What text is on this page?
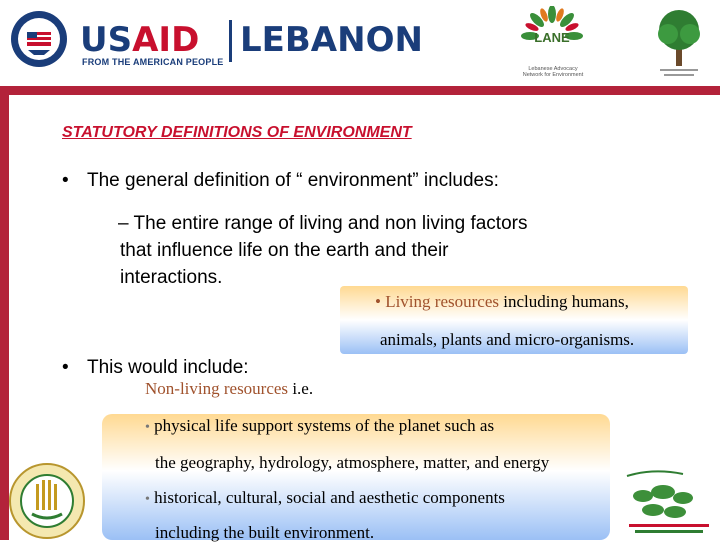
USAID LEBANON
FROM THE AMERICAN PEOPLE
LANE
Lebanese Advocacy
Network for Environment
STATUTORY DEFINITIONS OF ENVIRONMENT
• The general definition of “ environment” includes:
– The entire range of living and non living factors
that influence life on the earth and their
interactions.
• Living resources including humans,
animals, plants and micro-organisms.
• This would include:
Non-living resources i.e.
• physical life support systems of the planet such as
the geography, hydrology, atmosphere, matter, and energy
• historical, cultural, social and aesthetic components
including the built environment.
